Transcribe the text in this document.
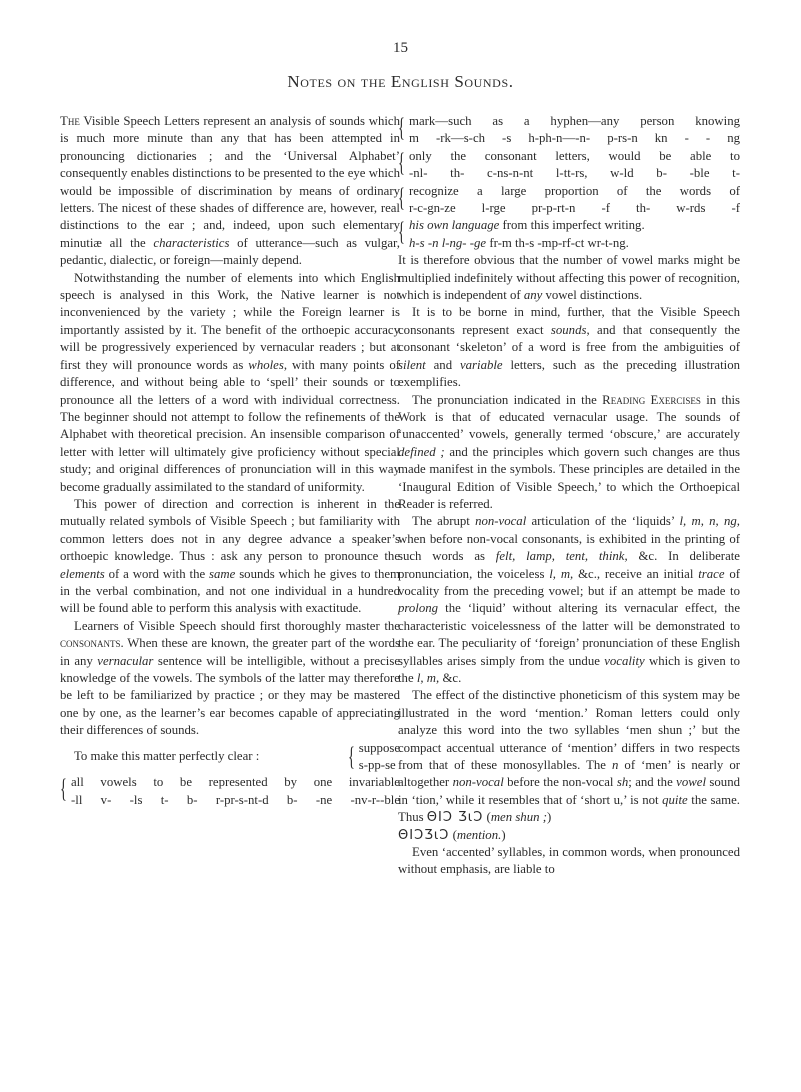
15
Notes on the English Sounds.

The Visible Speech Letters represent an analysis of sounds which is much more minute than any that has been attempted in pronouncing dictionaries ; and the ‘Universal Alphabet’ consequently enables distinctions to be presented to the eye which would be impossible of discrimination by means of ordinary letters. The nicest of these shades of difference are, however, real distinctions to the ear ; and, indeed, upon such elementary minutiæ all the characteristics of utterance—such as vulgar, pedantic, dialectic, or foreign—mainly depend.

Notwithstanding the number of elements into which English speech is analysed in this Work, the Native learner is not inconvenienced by the variety ; while the Foreign learner is importantly assisted by it. The benefit of the orthoepic accuracy will be progressively experienced by vernacular readers ; but at first they will pronounce words as wholes, with many points of difference, and without being able to ‘spell’ their sounds or to pronounce all the letters of a word with individual correctness. The beginner should not attempt to follow the refinements of the Alphabet with theoretical precision. An insensible comparison of letter with letter will ultimately give proficiency without special study; and original differences of pronunciation will in this way become gradually assimilated to the standard of uniformity.

This power of direction and correction is inherent in the mutually related symbols of Visible Speech ; but familiarity with common letters does not in any degree advance a speaker’s orthoepic knowledge. Thus : ask any person to pronounce the elements of a word with the same sounds which he gives to them in the verbal combination, and not one individual in a hundred will be found able to perform this analysis with exactitude.

Learners of Visible Speech should first thoroughly master the consonants. When these are known, the greater part of the words in any vernacular sentence will be intelligible, without a precise knowledge of the vowels. The symbols of the latter may therefore be left to be familiarized by practice ; or they may be mastered one by one, as the learner’s ear becomes capable of appreciating their differences of sounds.

To make this matter perfectly clear :	{ suppose
s-pp-se
{ all vowels to be represented by one invariable
-ll v- -ls t- b- r-pr-s-nt-d b- -ne -nv-r--ble
{ mark—such as a hyphen—any person knowing
m -rk—s-ch -s h-ph-n—-n- p-rs-n kn - - ng
{ only the consonant letters, would be able to
-nl- th- c-ns-n-nt l-tt-rs, w-ld b- -ble t-
{ recognize a large proportion of the words of
r-c-gn-ze l-rge pr-p-rt-n -f th- w-rds -f
{ his own language from this imperfect writing.
h-s -n l-ng- -ge fr-m th-s -mp-rf-ct wr-t-ng.

It is therefore obvious that the number of vowel marks might be multiplied indefinitely without affecting this power of recognition, which is independent of any vowel distinctions.

It is to be borne in mind, further, that the Visible Speech consonants represent exact sounds, and that consequently the consonant ‘skeleton’ of a word is free from the ambiguities of silent and variable letters, such as the preceding illustration exemplifies.

The pronunciation indicated in the Reading Exercises in this Work is that of educated vernacular usage. The sounds of ‘unaccented’ vowels, generally termed ‘obscure,’ are accurately defined ; and the principles which govern such changes are thus made manifest in the symbols. These principles are detailed in the ‘Inaugural Edition of Visible Speech,’ to which the Orthoepical Reader is referred.

The abrupt non-vocal articulation of the ‘liquids’ l, m, n, ng, when before non-vocal consonants, is exhibited in the printing of such words as felt, lamp, tent, think, &c. In deliberate pronunciation, the voiceless l, m, &c., receive an initial trace of vocality from the preceding vowel; but if an attempt be made to prolong the ‘liquid’ without altering its vernacular effect, the characteristic voicelessness of the latter will be demonstrated to the ear. The peculiarity of ‘foreign’ pronunciation of these English syllables arises simply from the undue vocality which is given to the l, m, &c.

The effect of the distinctive phoneticism of this system may be illustrated in the word ‘mention.’ Roman letters could only analyze this word into the two syllables ‘men shun ;’ but the compact accentual utterance of ‘mention’ differs in two respects from that of these monosyllables. The n of ‘men’ is nearly or altogether non-vocal before the non-vocal sh; and the vowel sound in ‘tion,’ while it resembles that of ‘short u,’ is not quite the same. Thus ΘΙƆ ƷɩƆ (men shun ;)
ΘΙƆƷɩƆ (mention.)

Even ‘accented’ syllables, in common words, when pronounced without emphasis, are liable to
